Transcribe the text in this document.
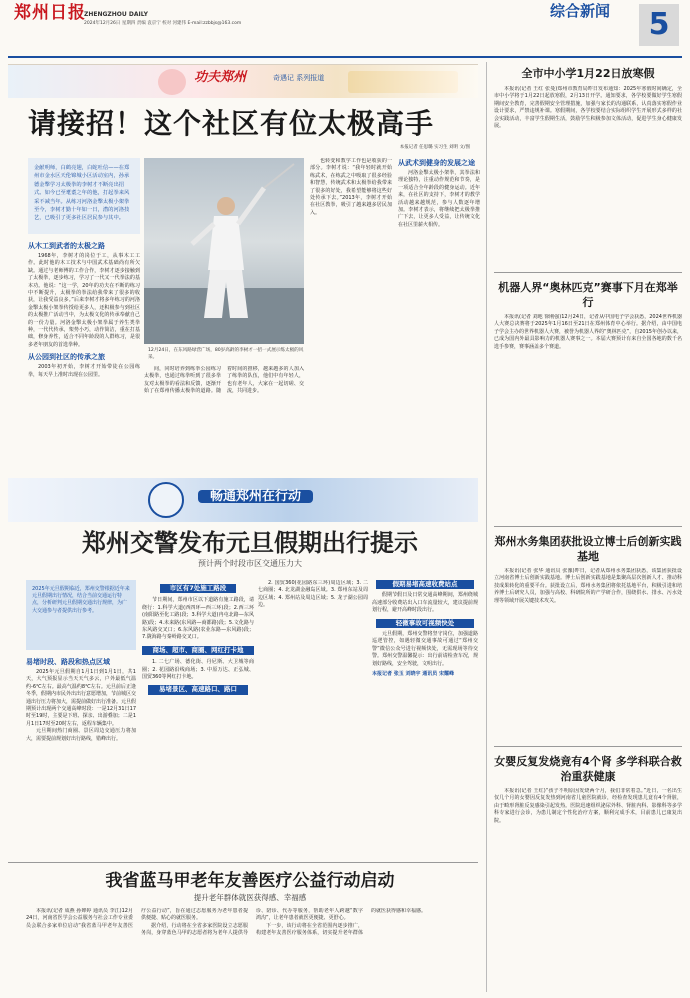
郑州日报
ZHENGZHOU DAILY
2024年12月26日 星期四 责编 袁京宁 校对 河建伟 E-mail:zzbbjs@163.com
综合新闻	5
功夫郑州	奇遇记 系列报道
请接招！这个社区有位太极高手
本报记者 任思璐 实习生 刘明 文/图
金献明师，白鹤亮翅，白蛇吐信——在郑州市金水区天伦锦城小区活动室内，孙承德金擊学习太极拳的李树才不断亮出招式。如今已至耄耋之年的他，打起拳来风采不减当年。从练习河洛金擊太极小架拳至今，李树才勤十年如一日，潜的河洛技艺，已吸引了更多社区居民参与其中。
从木工到武者的太极之路

1968年，李树才的岗位于工，从事木工工作。此时他的木工技术与中国武术基础尚有所欠缺。通过与老师傅的工作合作，李树才逐步接触到了太极拳，逐步练习，学习了一代又一代拳法的基本功。他说：“这一学，20年的功夫在不断的练习中不断提升，太极拳的拳法给我带来了很多的收获，让我受益良多。”后来李树才将多年练习的河洛金擊太极小架拳传授给更多人，还积极参与到社区的太极推广活动当中，为太极文化的传承奉献自己的一份力量。河洛金擊太极小架拳属于养生类拳种，一代代传承，架势小巧，动作简洁，重在打基础，修身养性，适合不同年龄段的人群练习，是很多老年朋友的首选拳种。

从公园到社区的传承之旅

2003年初开始，李树才开始带徒在公园练拳，每天早上准时出现在公园里。

12月24日，在东风路绿营广场，80岁高龄的李树才一招一式展示练太极的风采。

间，同时培养到练拳公园练习太极拳，也通过练拳听到了很多拳友对太极拳的看法和反馈，逐渐开始了在郑州传播太极拳的道路。随着时间的推移，越来越多的人加入了练拳的队伍，他们中有年轻人，也有老年人，大家在一起切磋、交流，共同进步。

也转变和教学工作也是收获的一部分。李树才说：“我年轻时就开始练武术，在练武之中吸取了很多经验和智慧，传统武术和太极拳给我带来了很多的好处，我希望能够将这些好处传承下去。”2013年，李树才开始在社区教拳，吸引了越来越多居民加入。

从武术到健身的发展之途

河洛金擊太极小架拳，其拳法和理论独特，注重动作规范和节奏，是一项适合全年龄段的健身运动。近年来，在社区的支持下，李树才的教学活动越来越规范，参与人数逐年增加。李树才表示，将继续把太极拳推广下去，让更多人受益，让传统文化在社区里薪火相传。

畅通郑州在行动
郑州交警发布元旦假期出行提示
预计两个时段市区交通压力大
2025年元旦假期临近，郑州交警根据近年来元旦假期出行情况，结合当前交通运行特点，分析研判元旦假期交通出行规律，为广大交通参与者提供出行参考。
易堵时段、路段和热点区域

2025年元旦假期自1月1日到1月1日，共1天，大气预报显示当天天气多云，户外最低气温约-6℃左右。最高气温约8℃左右。元旦前后正逢冬季，假期内市民外出出行意愿增加，节前城区交通出行压力将加大，需提前做好出行准备。元旦假期预计出现两个交通高峰时段：一是12月31日17时至19时，主要是下班、探亲、出游叠加；二是1月1日17时至20时左右，返程车辆集中。

元旦期间热门商圈、景区周边交通压力将加大，需要提前规划好出行路线，错峰出行。

市区有7处施工路段

节日期间，郑州市区以下道路有施工路段，请绕行：1.科学大道(西四环—西三环)段；2.西三环(南阳路至化工路)段；3.科学大道(冉屯北路—东风路)段；4.未来路(东风路—商都路)段；5.文化路与东风路交叉口；6.东风路(农业东路—东风路)段；7.陇海路与秦岭路交叉口。

商场、超市、商圈、网红打卡地

1. 二七广场、德化街、丹尼斯、大卫城等商圈；2. 花园路沿线商场；3. 中原万达、正弘城、国贸360等网红打卡地。

易堵景区、高速路口、路口

2. 国贸360(花园路东三环)周边区域；3. 二七商圈；4. 北龙湖金融岛区域。3. 郑州东站及周边区域；4. 郑州站及周边区域；5. 龙子湖公园周边。

假期易堵高速收费站点

假期节假日及日常交通高峰期间，郑州绕城高速部分收费站出入口车流量较大，建议提前规划行程，避开高峰时段出行。

轻微事故可视频快处

元旦假期，郑州交警将坚守岗位，加强道路巡逻管控，如遇轻微交通事故可通过“郑州交警”微信公众号进行视频快处，无需现场等待交警。郑州交警温馨提示：出行前请检查车况，规划好路线，安全驾驶，文明出行。

本报记者 张玉 刘晓宇 通讯员 宋耀峰

我省蓝马甲老年友善医疗公益行动启动
提升老年群体就医获得感、幸福感

本报讯(记者 成燕 孙婵婷 通讯员 李江)12月24日，河南省医学会公益服务与社会工作专业委员会联合多家单位启动“我省蓝马甲老年友善医疗公益行动”，旨在通过志愿服务为老年患者提供便捷、贴心的就医服务。

据介绍，行动将在全省多家医院设立志愿服务岗，身穿蓝色马甲的志愿者将为老年人提供导诊、陪诊、代办等服务，帮助老年人跨越“数字鸿沟”，让老年患者就医更便捷、更舒心。

下一步，该行动将在全省范围内逐步推广，构建老年友善医疗服务体系，切实提升老年群体的就医获得感和幸福感。

全市中小学1月22日放寒假

本报讯(记者 王红 张曼)郑州市教育局昨日发布通知：2025年寒假时间确定，全市中小学将于1月22日起放寒假，2月13日开学。通知要求，各学校要做好学生寒假期间安全教育，完善假期安全管理措施，加强与家长的沟通联系，认真落实寒假作业设计要求，严禁违规补课。寒假期间，各学校要结合实际组织学生开展形式多样的社会实践活动，丰富学生假期生活，鼓励学生积极参加文体活动，促进学生身心健康发展。

机器人界“奥林匹克”赛事下月在郑举行

本报讯(记者 刘地 徐刚强)12月24日，记者从中国电子学会获悉，2024世界机器人大赛总决赛将于2025年1月16日至21日在郑州体育中心举行。据介绍，由中国电子学会主办的世界机器人大赛，被誉为机器人界的“奥林匹克”，自2015年创办以来，已成为国内外最具影响力的机器人赛事之一。本届大赛预计有来自全国各地的数千名选手参赛，赛事涵盖多个赛道。

郑州水务集团获批设立博士后创新实践基地

本报讯(记者 张华 通讯员 张豫)昨日，记者从郑州水务集团获悉，该集团获批设立河南省博士后创新实践基地。博士后创新实践基地是集聚高层次创新人才、推动科技成果转化的重要平台。获批设立后，郑州水务集团将依托基地平台，积极引进和培养博士后研究人员，加强与高校、科研院所的产学研合作，围绕供水、排水、污水处理等领域开展关键技术攻关。

女婴反复发烧竟有4个肾 多学科联合救治重获健康

本报讯(记者 王红)“孩子不明原因发烧两个月，我们非常着急。”近日，一名出生仅几个月的女婴因反复发热到河南省儿童医院就诊，经检查发现患儿竟有4个肾脏，由于畸形肾脏反复感染引起发热。医院迅速组织泌尿外科、肾脏内科、影像科等多学科专家进行会诊，为患儿制定个性化治疗方案，顺利完成手术，目前患儿已康复出院。
